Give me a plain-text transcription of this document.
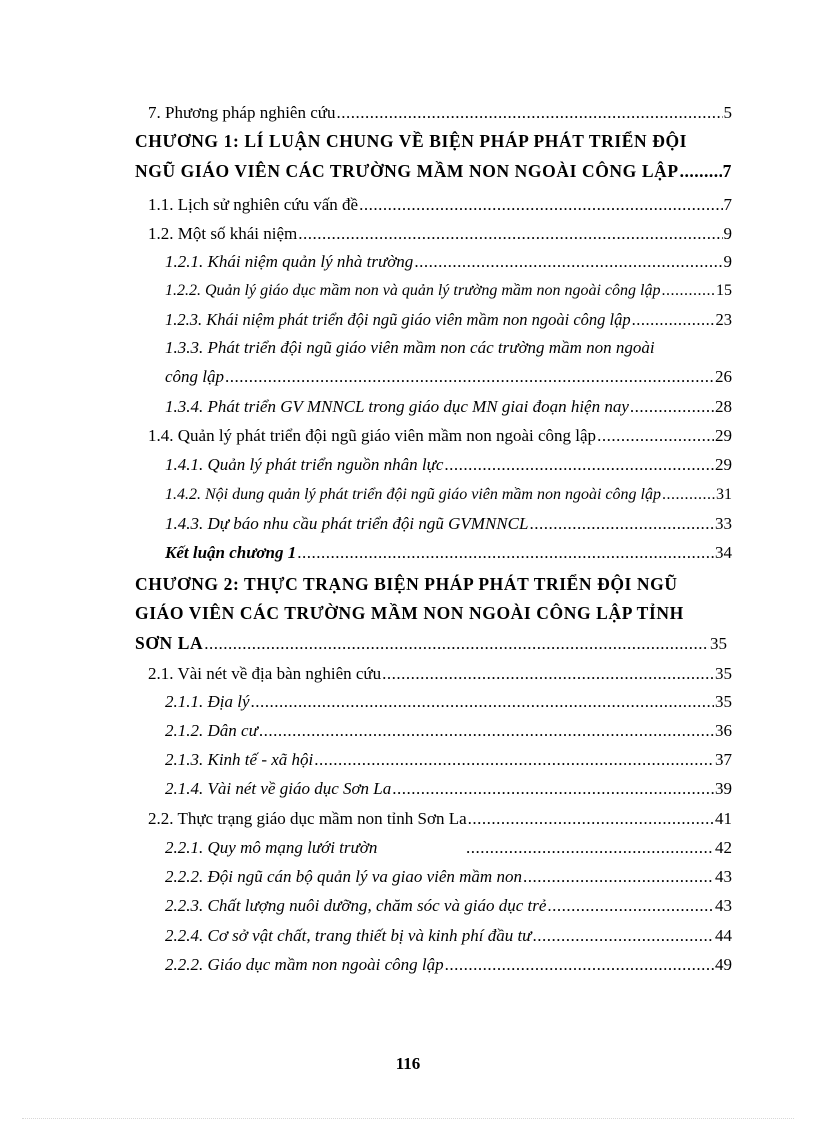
7. Phương pháp nghiên cứu .....	5
CHƯƠNG 1: LÍ LUẬN CHUNG VỀ BIỆN PHÁP PHÁT TRIỂN ĐỘI
NGŨ GIÁO VIÊN CÁC TRƯỜNG MẦM NON NGOÀI CÔNG LẬP .....	7
1.1. Lịch sử nghiên cứu vấn đề .....	7
1.2. Một số khái niệm .....	9
1.2.1. Khái niệm quản lý nhà trường .....	9
1.2.2. Quản lý giáo dục mầm non và quản lý trường mầm non ngoài công lập .....	15
1.2.3. Khái niệm phát triển đội ngũ giáo viên mầm non ngoài công lập .....	23
1.3.3. Phát triển đội ngũ giáo viên mầm non các trường mầm non ngoài
công lập .....	26
1.3.4. Phát triển GV MNNCL trong giáo dục MN giai đoạn hiện nay .....	28
1.4. Quản lý phát triển đội ngũ giáo viên mầm non ngoài công lập .....	29
1.4.1. Quản lý phát triển nguồn nhân lực .....	29
1.4.2. Nội dung quản lý phát triển đội ngũ giáo viên mầm non ngoài công lập .....	31
1.4.3. Dự báo nhu cầu phát triển đội ngũ GVMNNCL .....	33
Kết luận chương 1 .....	34
CHƯƠNG 2: THỰC TRẠNG BIỆN PHÁP PHÁT TRIỂN ĐỘI NGŨ
GIÁO VIÊN CÁC TRƯỜNG MẦM NON NGOÀI CÔNG LẬP TỈNH
SƠN LA .....	35
2.1. Vài nét về địa bàn nghiên cứu .....	35
2.1.1. Địa lý .....	35
2.1.2. Dân cư .....	36
2.1.3. Kinh tế - xã hội .....	37
2.1.4. Vài nét về giáo dục Sơn La .....	39
2.2. Thực trạng giáo dục mầm non tỉnh Sơn La .....	41
2.2.1. Quy mô mạng lưới trườn .....	42
2.2.2. Đội ngũ cán bộ quản lý va giao viên mầm non .....	43
2.2.3. Chất lượng nuôi dưỡng, chăm sóc và giáo dục trẻ .....	43
2.2.4. Cơ sở vật chất, trang thiết bị và kinh phí đầu tư .....	44
2.2.2. Giáo dục mầm non ngoài công lập .....	49
116
